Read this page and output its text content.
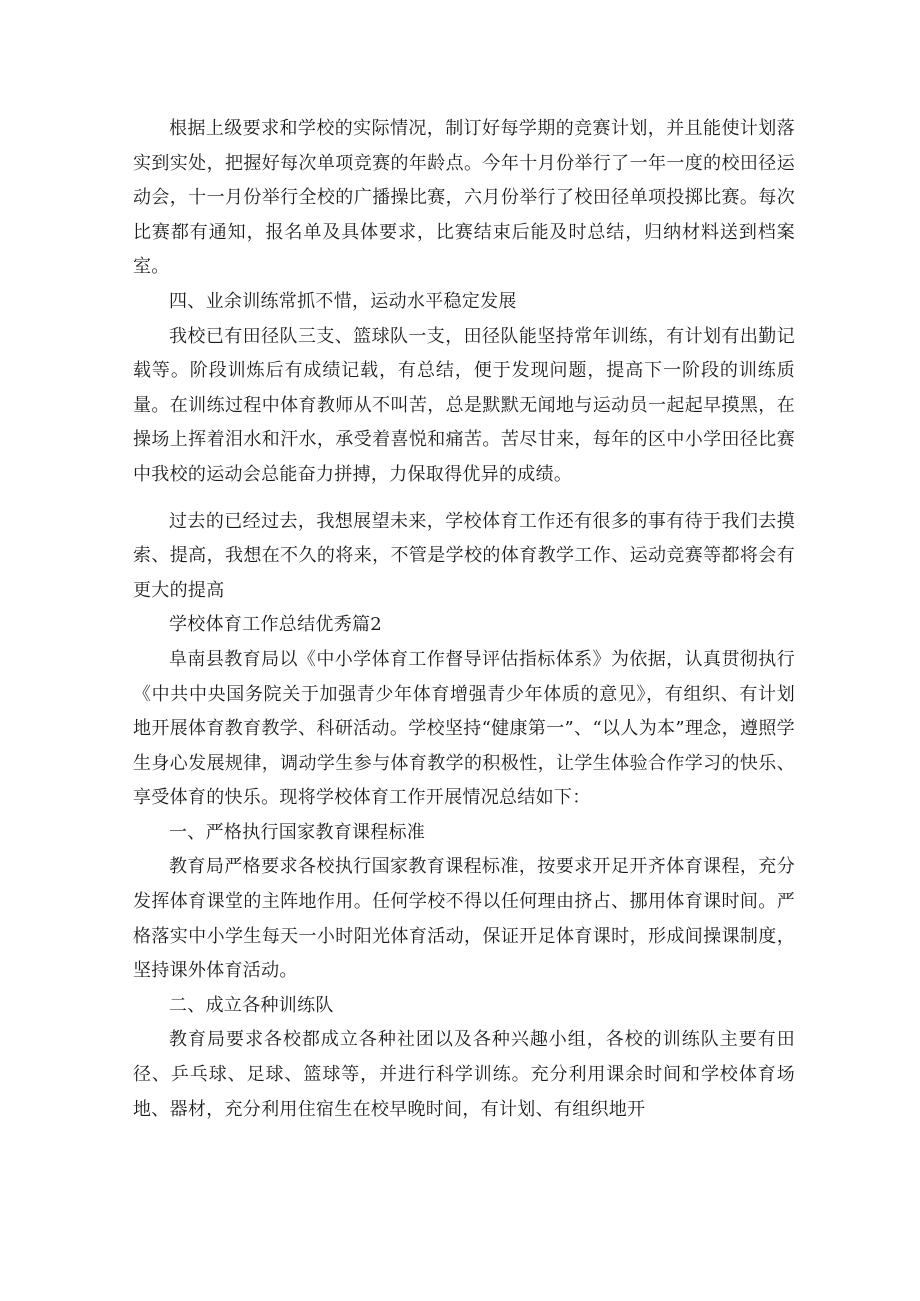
根据上级要求和学校的实际情况，制订好每学期的竞赛计划，并且能使计划落实到实处，把握好每次单项竞赛的年龄点。今年十月份举行了一年一度的校田径运动会，十一月份举行全校的广播操比赛，六月份举行了校田径单项投掷比赛。每次比赛都有通知，报名单及具体要求，比赛结束后能及时总结，归纳材料送到档案室。

四、业余训练常抓不惜，运动水平稳定发展

我校已有田径队三支、篮球队一支，田径队能坚持常年训练，有计划有出勤记载等。阶段训炼后有成绩记载，有总结，便于发现问题，提高下一阶段的训练质量。在训练过程中体育教师从不叫苦，总是默默无闻地与运动员一起起早摸黑，在操场上挥着泪水和汗水，承受着喜悦和痛苦。苦尽甘来，每年的区中小学田径比赛中我校的运动会总能奋力拼搏，力保取得优异的成绩。

过去的已经过去，我想展望未来，学校体育工作还有很多的事有待于我们去摸索、提高，我想在不久的将来，不管是学校的体育教学工作、运动竞赛等都将会有更大的提高

学校体育工作总结优秀篇2

阜南县教育局以《中小学体育工作督导评估指标体系》为依据，认真贯彻执行《中共中央国务院关于加强青少年体育增强青少年体质的意见》，有组织、有计划地开展体育教育教学、科研活动。学校坚持“健康第一”、“以人为本”理念，遵照学生身心发展规律，调动学生参与体育教学的积极性，让学生体验合作学习的快乐、享受体育的快乐。现将学校体育工作开展情况总结如下：

一、严格执行国家教育课程标准

教育局严格要求各校执行国家教育课程标准，按要求开足开齐体育课程，充分发挥体育课堂的主阵地作用。任何学校不得以任何理由挤占、挪用体育课时间。严格落实中小学生每天一小时阳光体育活动，保证开足体育课时，形成间操课制度，坚持课外体育活动。

二、成立各种训练队

教育局要求各校都成立各种社团以及各种兴趣小组，各校的训练队主要有田径、乒乓球、足球、篮球等，并进行科学训练。充分利用课余时间和学校体育场地、器材，充分利用住宿生在校早晚时间，有计划、有组织地开
